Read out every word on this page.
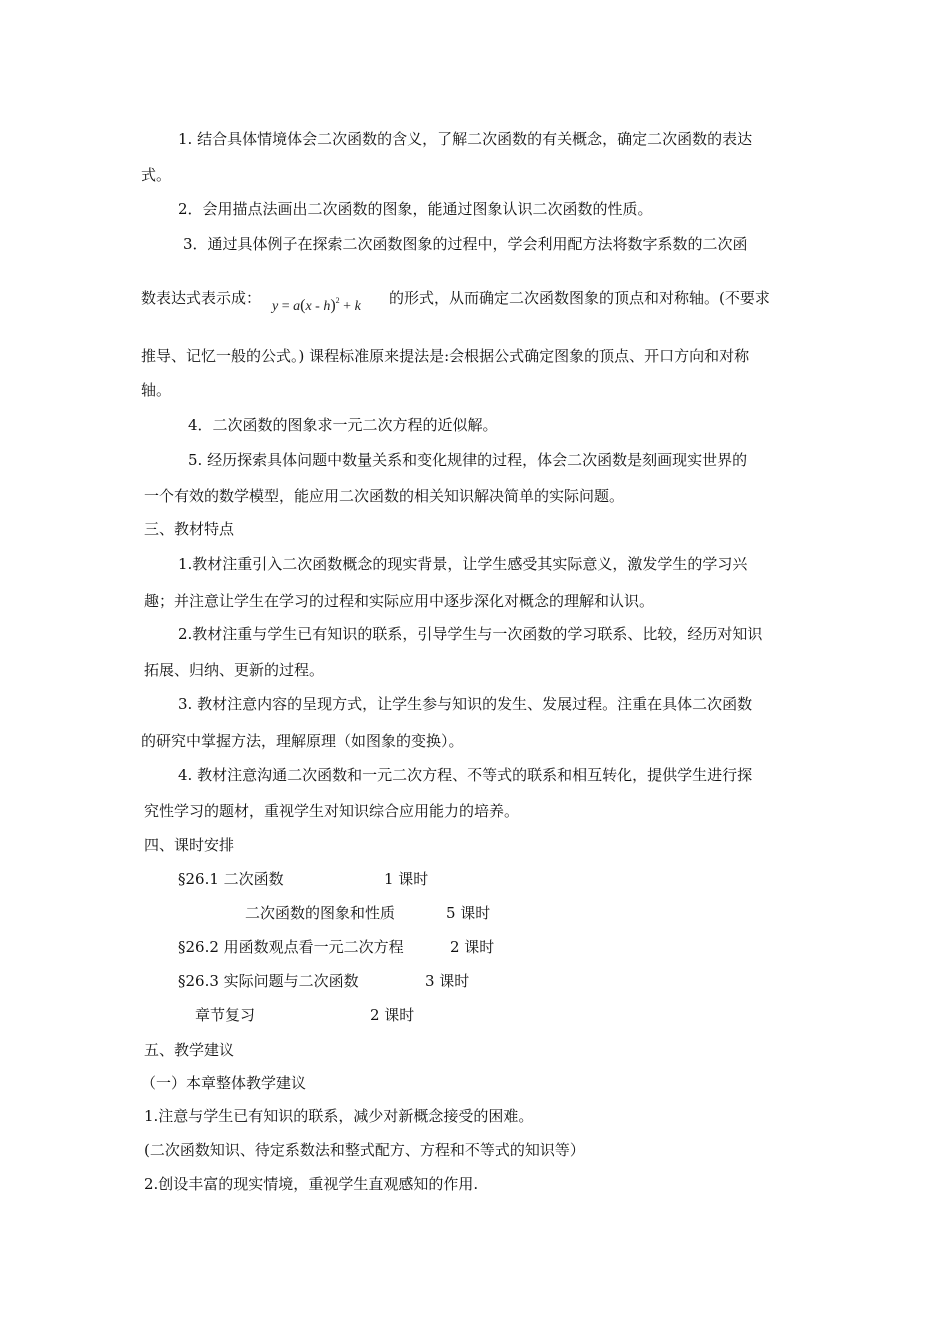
1. 结合具体情境体会二次函数的含义，了解二次函数的有关概念，确定二次函数的表达
式。
2．会用描点法画出二次函数的图象，能通过图象认识二次函数的性质。
3．通过具体例子在探索二次函数图象的过程中，学会利用配方法将数字系数的二次函
数表达式表示成： y = a(x - h)$^2$ + k 的形式，从而确定二次函数图象的顶点和对称轴。(不要求
推导、记忆一般的公式。) 课程标准原来提法是:会根据公式确定图象的顶点、开口方向和对称
轴。
4．二次函数的图象求一元二次方程的近似解。
5. 经历探索具体问题中数量关系和变化规律的过程，体会二次函数是刻画现实世界的
一个有效的数学模型，能应用二次函数的相关知识解决简单的实际问题。
三、教材特点
1.教材注重引入二次函数概念的现实背景，让学生感受其实际意义，激发学生的学习兴
趣；并注意让学生在学习的过程和实际应用中逐步深化对概念的理解和认识。
2.教材注重与学生已有知识的联系，引导学生与一次函数的学习联系、比较，经历对知识
拓展、归纳、更新的过程。
3. 教材注意内容的呈现方式，让学生参与知识的发生、发展过程。注重在具体二次函数
的研究中掌握方法，理解原理（如图象的变换）。
4. 教材注意沟通二次函数和一元二次方程、不等式的联系和相互转化，提供学生进行探
究性学习的题材，重视学生对知识综合应用能力的培养。
四、课时安排
§26.1 二次函数	1 课时
二次函数的图象和性质	5 课时
§26.2 用函数观点看一元二次方程	2 课时
§26.3 实际问题与二次函数	3 课时
章节复习	2 课时
五、教学建议
（一）本章整体教学建议
1.注意与学生已有知识的联系，减少对新概念接受的困难。
(二次函数知识、待定系数法和整式配方、方程和不等式的知识等）
2.创设丰富的现实情境，重视学生直观感知的作用.
